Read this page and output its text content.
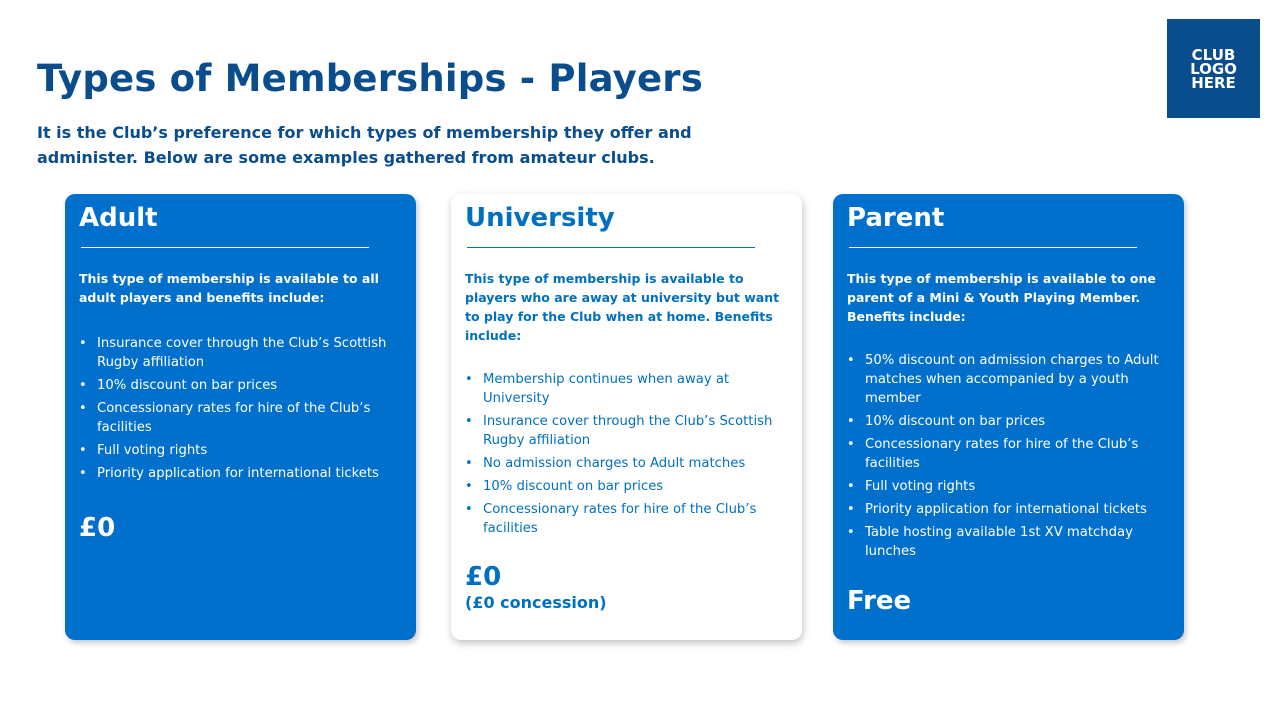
Types of Memberships - Players

It is the Club’s preference for which types of membership they offer and administer. Below are some examples gathered from amateur clubs.

CLUB
LOGO
HERE
Adult

This type of membership is available to all adult players and benefits include:

• Insurance cover through the Club’s Scottish Rugby affiliation
• 10% discount on bar prices
• Concessionary rates for hire of the Club’s facilities
• Full voting rights
• Priority application for international tickets

£0

University

This type of membership is available to players who are away at university but want to play for the Club when at home. Benefits include:

• Membership continues when away at University
• Insurance cover through the Club’s Scottish Rugby affiliation
• No admission charges to Adult matches
• 10% discount on bar prices
• Concessionary rates for hire of the Club’s facilities

£0

(£0 concession)

Parent

This type of membership is available to one parent of a Mini & Youth Playing Member. Benefits include:

• 50% discount on admission charges to Adult matches when accompanied by a youth member
• 10% discount on bar prices
• Concessionary rates for hire of the Club’s facilities
• Full voting rights
• Priority application for international tickets
• Table hosting available 1st XV matchday lunches

Free
